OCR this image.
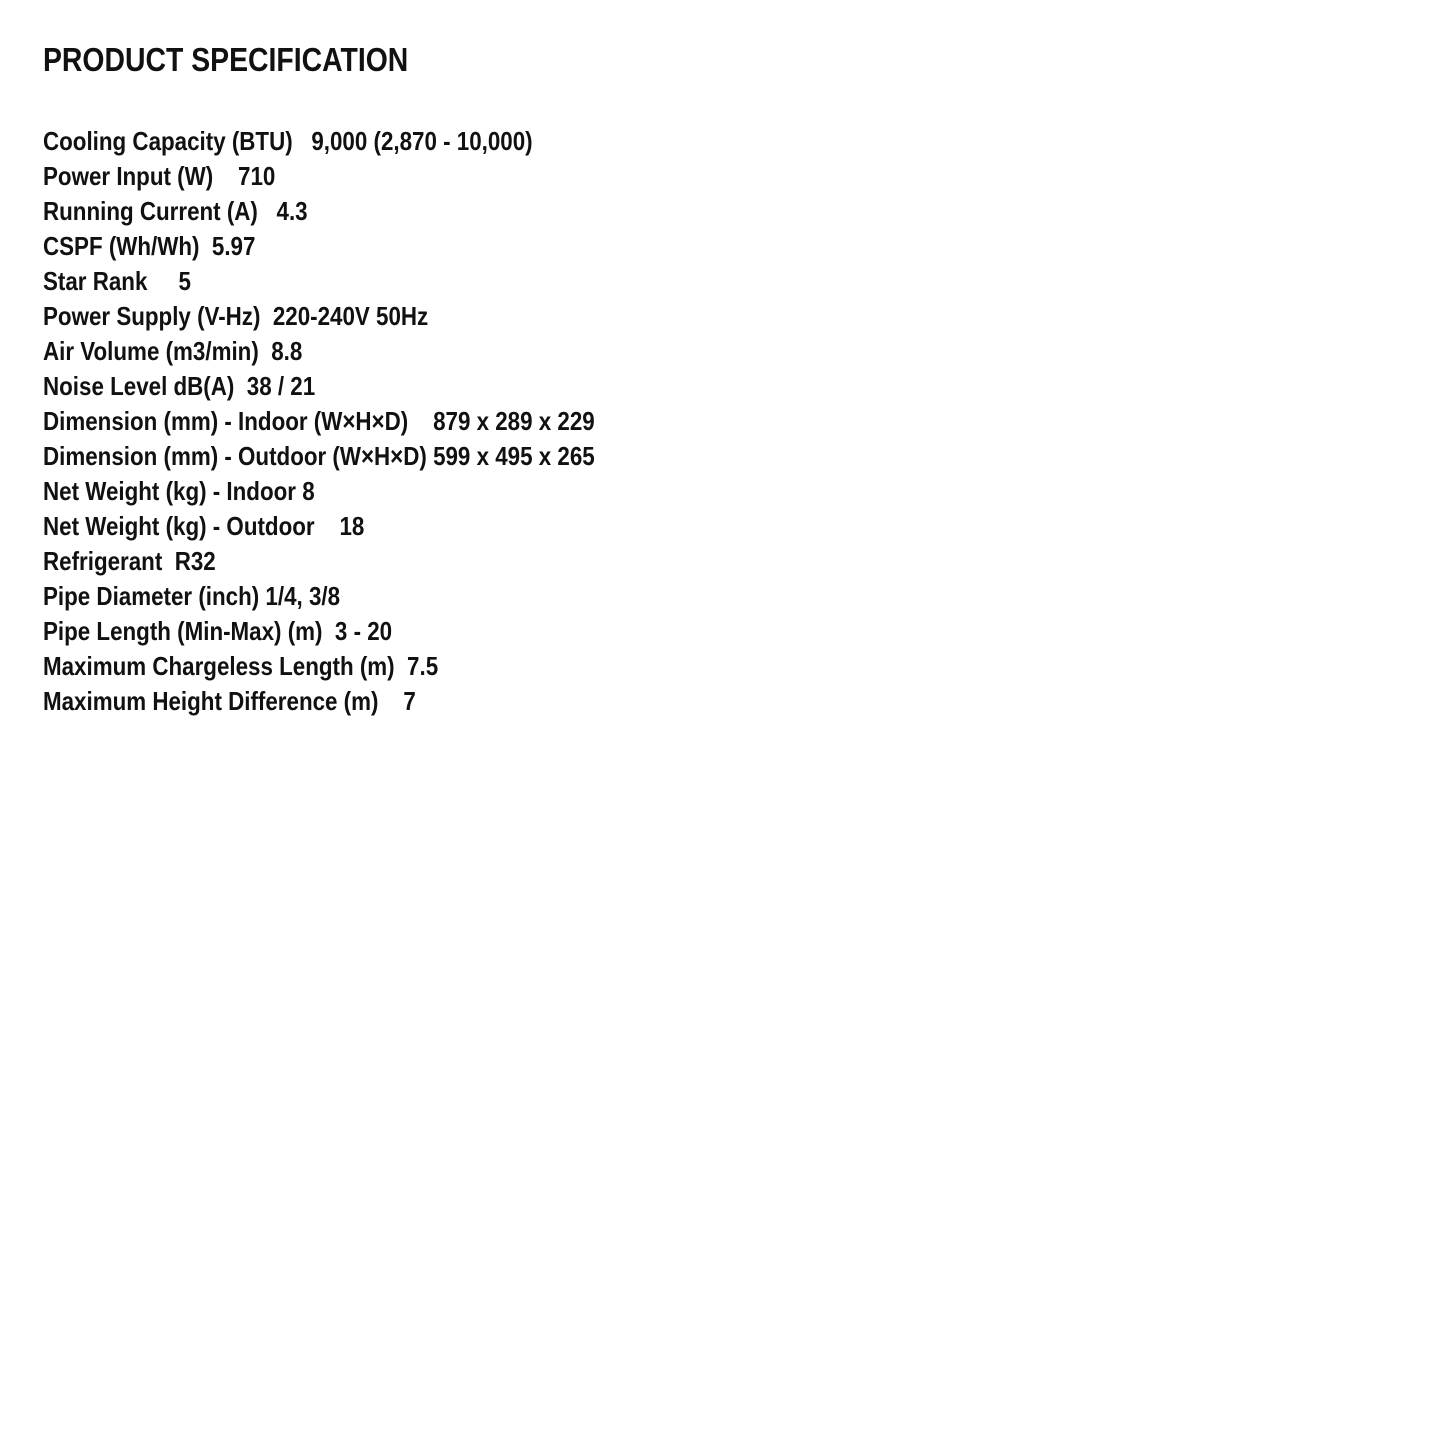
PRODUCT SPECIFICATION
Cooling Capacity (BTU) 9,000 (2,870 - 10,000)
Power Input (W) 710
Running Current (A) 4.3
CSPF (Wh/Wh) 5.97
Star Rank 5
Power Supply (V-Hz) 220-240V 50Hz
Air Volume (m3/min) 8.8
Noise Level dB(A) 38 / 21
Dimension (mm) - Indoor (W×H×D) 879 x 289 x 229
Dimension (mm) - Outdoor (W×H×D) 599 x 495 x 265
Net Weight (kg) - Indoor 8
Net Weight (kg) - Outdoor 18
Refrigerant R32
Pipe Diameter (inch) 1/4, 3/8
Pipe Length (Min-Max) (m) 3 - 20
Maximum Chargeless Length (m) 7.5
Maximum Height Difference (m) 7
